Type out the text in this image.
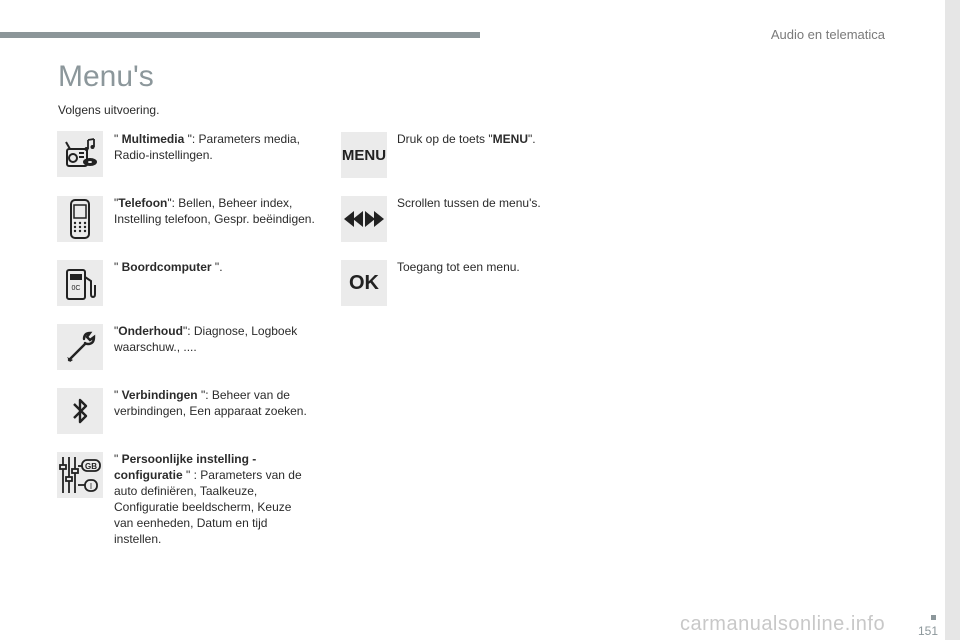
Audio en telematica
Menu's
Volgens uitvoering.
" Multimedia ": Parameters media, Radio-instellingen.
"Telefoon": Bellen, Beheer index, Instelling telefoon, Gespr. beëindigen.
0C
" Boordcomputer ".
"Onderhoud": Diagnose, Logboek waarschuw., ....
" Verbindingen ": Beheer van de verbindingen, Een apparaat zoeken.
GB
I
" Persoonlijke instelling - configuratie " : Parameters van de auto definiëren, Taalkeuze, Configuratie beeldscherm, Keuze van eenheden, Datum en tijd instellen.
MENU
Druk op de toets "MENU".
Scrollen tussen de menu's.
OK
Toegang tot een menu.
151
carmanualsonline.info
